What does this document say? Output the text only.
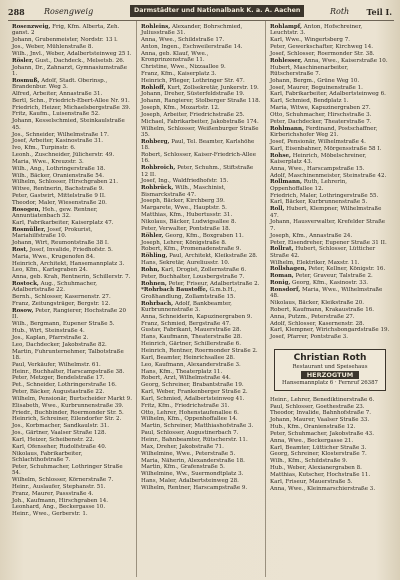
288 Rosengweig	Darmstädter und Nationalbank K. a. A. Aachen	Roth Teil I.
Rosenzweig, Frig, Kfm. Alberta, Zeh. ganst. 2
Johann, Grubenmeister, Nordstr. 13 l.
Jos., Weber, Mühlenstraße 8.
Wilh., Jnvl., Weber, Adalbertsteinweg 25 I.
Rösler, Gust., Dachdeck., Melsetsb. 26.
Johann, Dr., Zahnarzt, Gymnasiumstraße 1.
Rosmuß, Adolf, Stadt. Oberinsp., Brandenbur. Weg 3.
Alfred, Arbeiter, Annastraße 31.
Bertl, Schn., Friedrich-Ebert-Allee Nr. 91.
Friedrich, Heizer, Michaelsbergstraße 39.
Fritz, Kaufm., Luisenstraße 52.
Johann, Kesselschmied, Steinkaulstraße 45.
Jos., Schneider, Wilhelmstraße 17.
Josef, Arbeiter, Kasinostraße 31.
Ivo, Kfm., Turpinstr. 6.
Leonh., Zuschneider, Jülicherstr. 49.
Maria, Wwe., Kreuzstr. 3.
Wilh., Ang., Lothringerstraße 18.
Wilh., Bäcker, Oranienstraße 54.
Wilhelm, Schlosser, Hirschgraben 21.
Witwe, Rentnerin, Bachstraße 9.
Peter, Gastwirt, Mittelstraße 9 II.
Theodor, Maler, Wiesenstraße 20.
Rosogen, Heh., gew. Rentner, Annuntiatenbach 32.
Karl, Fabrikarbeiter, Kaiserplatz 47.
Rosmüller, Josef, Prokurist, Mariahilfstraße 10.
Johann, Wirt, Reumontstraße 38 I.
Rost, Josef, Invalide, Friedhofstr. 5.
Maria, Wwe., Krugenofen 84.
Heinrich, Architekt, Hansemannplatz 3.
Leo, Kfm., Karlsgraben 24.
Anna, geb. Krah, Rentnerin, Schillerstr. 7.
Rostock, Aug., Schuhmacher, Adalbertstraße 22.
Bernh., Schlosser, Kasernenstr. 27.
Franz, Zeitungsträger, Bergstr. 12.
Rosow, Peter, Rangierer, Hochstraße 20 II.
Wilh., Bergmann, Eupener Straße 5.
Hub., Wirt, Steinstraße 4.
Jos., Kaplan, Pfarrstraße 2.
Leo, Dachdecker, Jakobstraße 82.
Martin, Fuhrunternehmer, Talbotstraße 18.
Paul, Verkäufer, Wilhelmstr. 61.
Heinr., Buchhalter, Harscampstraße 38.
Peter, Metzger, Bendelstraße 17.
Pet., Schneider, Lothringerstraße 16.
Peter, Bäcker, Augustastraße 22.
Wilhelm, Pensionär, Burtscheider Markt 9.
Elisabeth, Wwe., Kurbrunnenstraße 39.
Friedr., Buchbinder, Roermonder Str. 5.
Heinrich, Schreiner, Eilendorfer Str. 2.
Jos., Korbmacher, Sandkaulstr. 31.
Jos., Gärtner, Vaalser Straße 128.
Karl, Heizer, Scheibenstr. 22.
Karl, Ofenseher, Rudolfstraße 40.
Nikolaus, Fabrikarbeiter, Schlachthofstraße 7.
Peter, Schuhmacher, Lothringer Straße 54.
Wilhelm, Schlosser, Körnerstraße 7.
Heinr., Auslaufer, Stephanstr. 51.
Franz, Maurer, Passstraße 4.
Joh., Kaufmann, Hirschgraben 14.
Leonhard, Ang., Beckergasse 10.
Heinr., Wwe., Gerberstr. 1.
Rohleins, Alexander, Bohrschmied, Juliusstraße 31.
Anna, Wwe., Schildstraße 17.
Anton, Ingen., Eschweilerstraße 14.
Anna, geb. Klauf, Wwe., Kronprinzenstraße 11.
Christine, Wwe., Nizzaallee 9.
Franz, Kfm., Kaiserplatz 3.
Heinrich, Pfleger, Lothringer Str. 47.
Rohloff, Kurt, Zollsekretär, Junkerstr. 19.
Johann, Dreher, Süsterfeldstraße 19.
Johann, Rangierer, Stolberger Straße 118.
Joseph, Kfm., Mozartstr. 12.
Joseph, Arbeiter, Friedrichstraße 25.
Michael, Fabrikarbeiter, Jakobstraße 174.
Wilhelm, Schlosser, Weißenburger Straße 35.
Rohberg, Paul, Tel. Beamter, Karlshöhe 18.
Robert, Schlosser, Kaiser-Friedrich-Allee 16.
Rohbroich, Peter, Schuhm., Stiftstraße 12 II.
Josef, Ing., Waldfriedhofstr. 15.
Rohbrück, Wilh., Maschinist, Bismarckstraße 47.
Joseph, Bäcker, Kirchberg 39.
Margarete, Wwe., Hauptstr. 5.
Matthias, Kfm., Hubertusstr. 31.
Nikolaus, Bäcker, Ludwigsallee 8.
Peter, Verwalter, Pontstraße 18.
Röhler, Georg, Kfm., Boxgraben 11.
Joseph, Lehrer, Königstraße 8.
Robert, Kfm., Promenadenstraße 9.
Röhling, Paul, Architekt, Kleikstraße 28.
Hans, Sekretär, Aureliusstr. 10.
Rohn, Karl, Drogist, Zollernstraße 6.
Peter, Buchhalter, Lousbergstraße 7.
Rohnen, Peter, Friseur, Adalbertstraße 2.
*Rohrbach Baustoffe, G.m.b.H., Großhandlung, Zollamtstraße 15.
Rohrbach, Adolf, Bankbeamter, Kurbrunnenstraße 3.
Anna, Schneiderin, Kapuzinergraben 9.
Franz, Schmied, Bergstraße 47.
Gustav, Fabrikant, Mauerstraße 28.
Hans, Kaufmann, Theaterstraße 28.
Heinrich, Gärtner, Schillerstraße 6.
Heinrich, Rentner, Roermonder Straße 2.
Karl, Beamter, Heinrichsallee 28.
Leo, Kaufmann, Alexanderstraße 3.
Hans, Kfm., Theaterplatz 11.
Robert, Arzt, Wilhelmstraße 44.
Georg, Schreiner, Brabantstraße 19.
Karl, Weber, Frankenberger Straße 2.
Karl, Schmied, Adalbertsteinweg 41.
Fritz, Kfm., Friedrichstraße 31.
Otto, Lehrer, Hohenstaufenallee 6.
Wilhelm, Kfm., Oppenhoffallee 14.
Martin, Schreiner, Matthiashofstraße 3.
Paul, Schlosser, Augustinerbach 7.
Heinr., Bahnbeamter, Rütscherstr. 11.
Max, Dreher, Jakobstraße 71.
Wilhelmine, Wwe., Peterstraße 5.
Maria, Näherin, Alexanderstraße 18.
Martin, Kfm., Grafenstraße 5.
Wilhelmine, Ww., Suermondtplatz 3.
Hans, Maler, Adalbertsteinweg 28.
Wilhelm, Rentner, Harscampstraße 9.
Rohlampf, Anton, Hofschreiner, Leuchtstr. 3.
Karl, Wwe., Wingertsberg 7.
Peter, Gewerkschafter, Kirchweg 14.
Josef, Schlosser, Roermonder Str. 38.
Rohlesser, Anna, Wwe., Kaiserstraße 10.
Hubert, Maschinenarbeiter, Rütscherstraße 7.
Johann, Bergm., Grüne Weg 10.
Josef, Maurer, Beguinenstraße 1.
Karl, Fabrikarbeiter, Adalbertsteinweg 6.
Karl, Schmied, Bendplatz 1.
Maria, Witwe, Kapuzinergraben 27.
Otto, Schuhmacher, Hirschstraße 3.
Peter, Dachdecker, Theaterstraße 7.
Rohlmann, Ferdinand, Postschaffner, Kirberichshofer Weg 21.
Josef, Pensionär, Wilhelmstraße 4.
Karl, Eisenbahner, Mörgensstraße 58 I.
Rohse, Heinrich, Möbelschreiner, Kaiserplatz 43.
Anna, Wwe., Harscampstraße 15.
Adolf, Maschinenmeister, Steinstraße 42.
Rollmann, Ruth, Lehrerin, Oppenhoffallee 12.
Friedrich, Maler, Lothringerstraße 55.
Karl, Bäcker, Kurbrunnenstraße 5.
Roll, Hubert, Klempner, Wilhelmstraße 47.
Johann, Hausverwalter, Krefelder Straße 7.
Joseph, Kfm., Annastraße 24.
Peter, Eisendreher, Eupener Straße 31 II.
Rollrat, Hubert, Schlosser, Lütticher Straße 42.
Wilhelm, Elektriker, Maxstr. 11.
Rollshagen, Peter, Kellner, Königstr. 16.
Roman, Peter, Graveur, Talstraße 2.
Ronig, Georg, Kfm., Kasinostr. 33.
Ronsdorf, Maria, Wwe., Wilhelmstraße 48.
Nikolaus, Bäcker, Kleikstraße 20.
Robert, Kaufmann, Krakaustraße 16.
Anna, Putzm., Peterstraße 27.
Adolf, Schlosser, Kasernenstr. 28.
Karl, Klempner, Wirichsbongardstraße 19.
Josef, Pfarrer, Pontstraße 3.
Christian Roth
Restaurant und Speisehaus
HERZOGTUM
Hansemannplatz 6 · Fernruf 26387
Heinr., Lehrer, Benediktinerstraße 6.
Paul, Schlosser, Goethestraße 23.
Theodor, Invalide, Bahnhofstraße 7.
Johann, Maurer, Vaalser Straße 33.
Hub., Kfm., Oranienstraße 12.
Peter, Schuhmacher, Jakobstraße 43.
Anna, Wwe., Beckergasse 21.
Karl, Beamter, Lütticher Straße 3.
Georg, Schreiner, Klosterstraße 7.
Wilh., Kfm., Schildstraße 9.
Hub., Weber, Alexianergraben 8.
Matthias, Kutscher, Hochstraße 11.
Karl, Friseur, Mauerstraße 5.
Anna, Wwe., Kleinmarschierstraße 3.
